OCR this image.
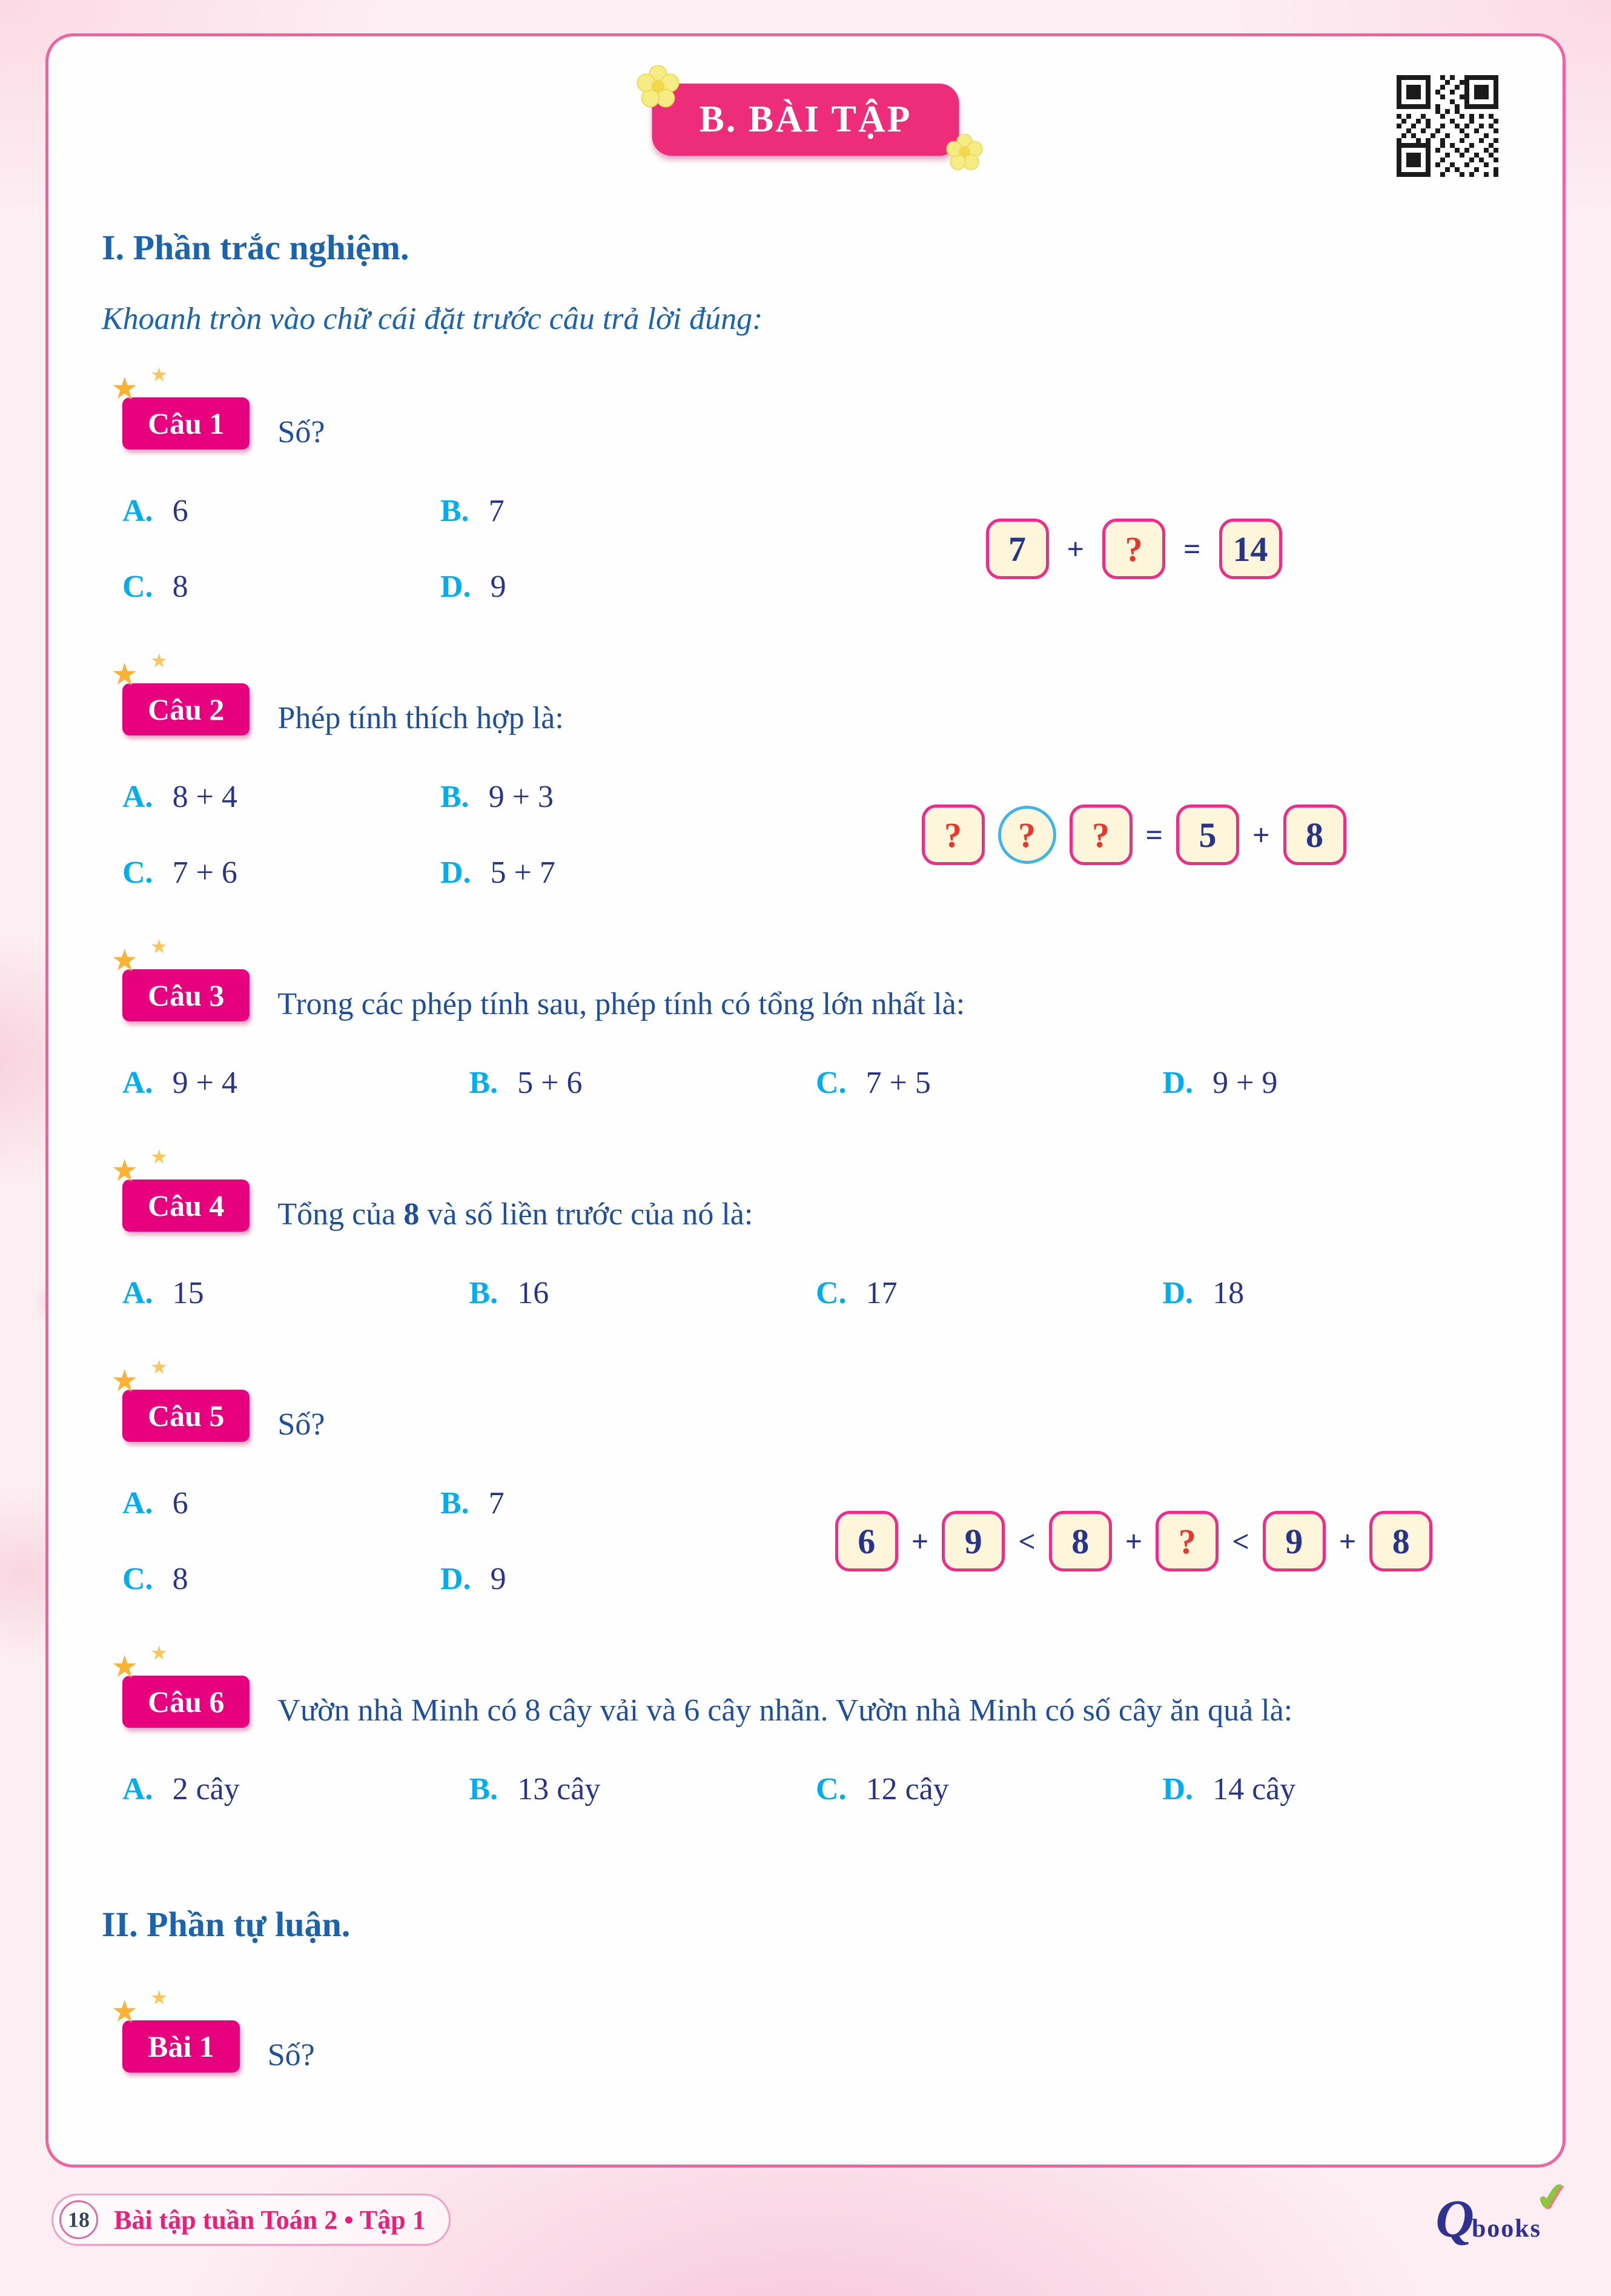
B. BÀI TẬP
I. Phần trắc nghiệm.

Khoanh tròn vào chữ cái đặt trước câu trả lời đúng:

★ ★
Câu 1	Số?
A. 6	B. 7
C. 8	D. 9
7	+	?	= 14
★ ★
Câu 2	Phép tính thích hợp là:
A. 8 + 4	B. 9 + 3
C. 7 + 6	D. 5 + 7
?	?	?	=	5	+	8
★ ★
Câu 3	Trong các phép tính sau, phép tính có tổng lớn nhất là:
A. 9 + 4	B. 5 + 6	C. 7 + 5	D. 9 + 9
★ ★
Câu 4	Tổng của 8 và số liền trước của nó là:
A. 15	B. 16	C. 17	D. 18
★ ★
Câu 5	Số?
A. 6	B. 7
C. 8	D. 9
6	+	9	<	8	+	?	<	9	+	8
★ ★
Câu 6	Vườn nhà Minh có 8 cây vải và 6 cây nhãn. Vườn nhà Minh có số cây ăn quả là:
A. 2 cây	B. 13 cây	C. 12 cây	D. 14 cây
II. Phần tự luận.
★ ★
Bài 1	Số?
18 Bài tập tuần Toán 2 • Tập 1	Q
books
✔
